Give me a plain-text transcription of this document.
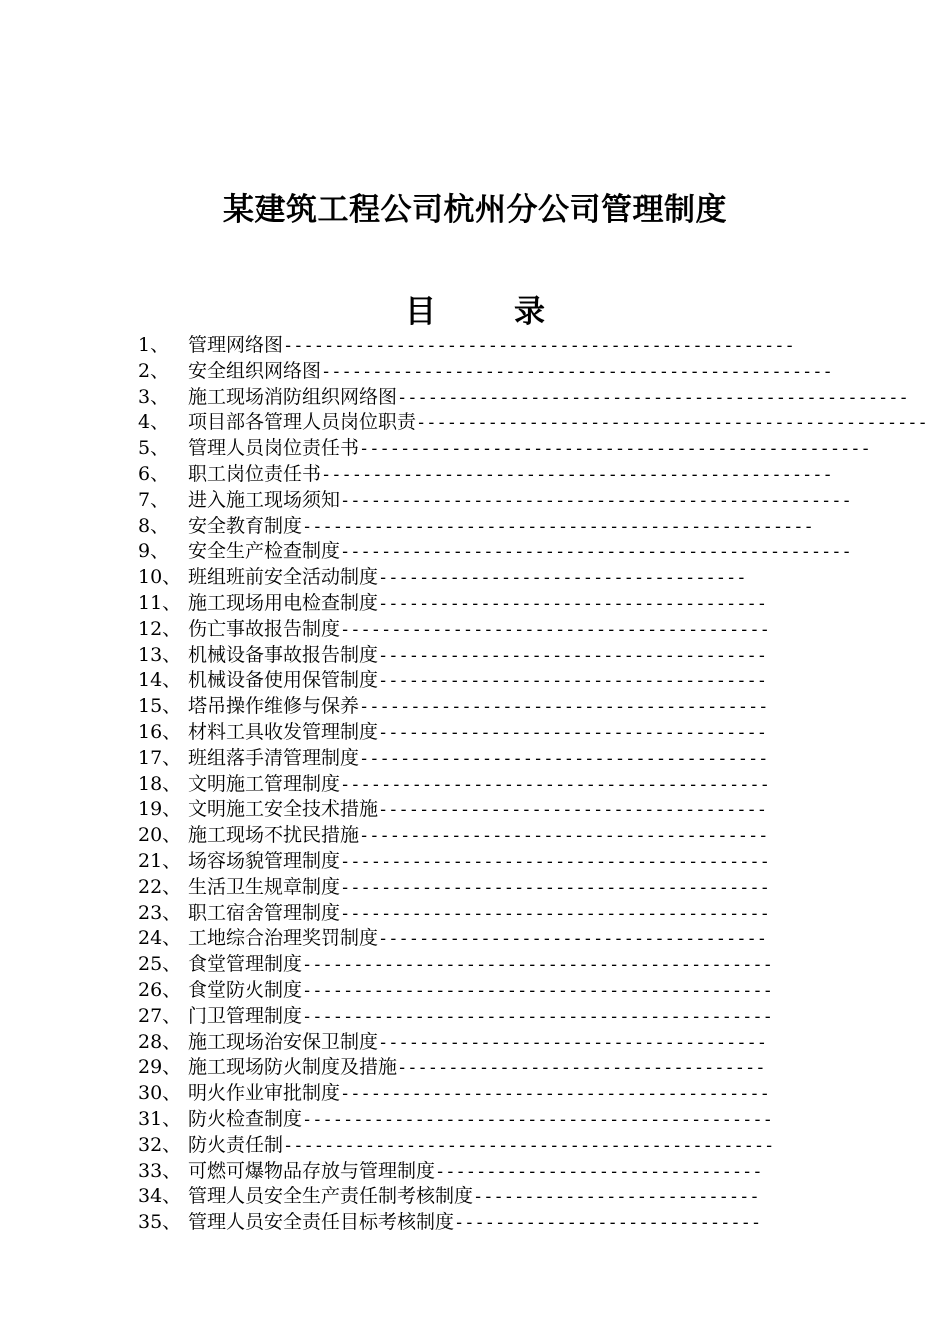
某建筑工程公司杭州分公司管理制度
目录
1、 管理网络图--------------------------------------------------
2、 安全组织网络图--------------------------------------------------
3、 施工现场消防组织网络图--------------------------------------------------
4、 项目部各管理人员岗位职责--------------------------------------------------
5、 管理人员岗位责任书--------------------------------------------------
6、 职工岗位责任书--------------------------------------------------
7、 进入施工现场须知--------------------------------------------------
8、 安全教育制度--------------------------------------------------
9、 安全生产检查制度--------------------------------------------------
10、 班组班前安全活动制度------------------------------------
11、 施工现场用电检查制度--------------------------------------
12、 伤亡事故报告制度------------------------------------------
13、 机械设备事故报告制度--------------------------------------
14、 机械设备使用保管制度--------------------------------------
15、 塔吊操作维修与保养----------------------------------------
16、 材料工具收发管理制度--------------------------------------
17、 班组落手清管理制度----------------------------------------
18、 文明施工管理制度------------------------------------------
19、 文明施工安全技术措施--------------------------------------
20、 施工现场不扰民措施----------------------------------------
21、 场容场貌管理制度------------------------------------------
22、 生活卫生规章制度------------------------------------------
23、 职工宿舍管理制度------------------------------------------
24、 工地综合治理奖罚制度--------------------------------------
25、 食堂管理制度----------------------------------------------
26、 食堂防火制度----------------------------------------------
27、 门卫管理制度----------------------------------------------
28、 施工现场治安保卫制度--------------------------------------
29、 施工现场防火制度及措施------------------------------------
30、 明火作业审批制度------------------------------------------
31、 防火检查制度----------------------------------------------
32、 防火责任制------------------------------------------------
33、 可燃可爆物品存放与管理制度--------------------------------
34、 管理人员安全生产责任制考核制度----------------------------
35、 管理人员安全责任目标考核制度------------------------------
